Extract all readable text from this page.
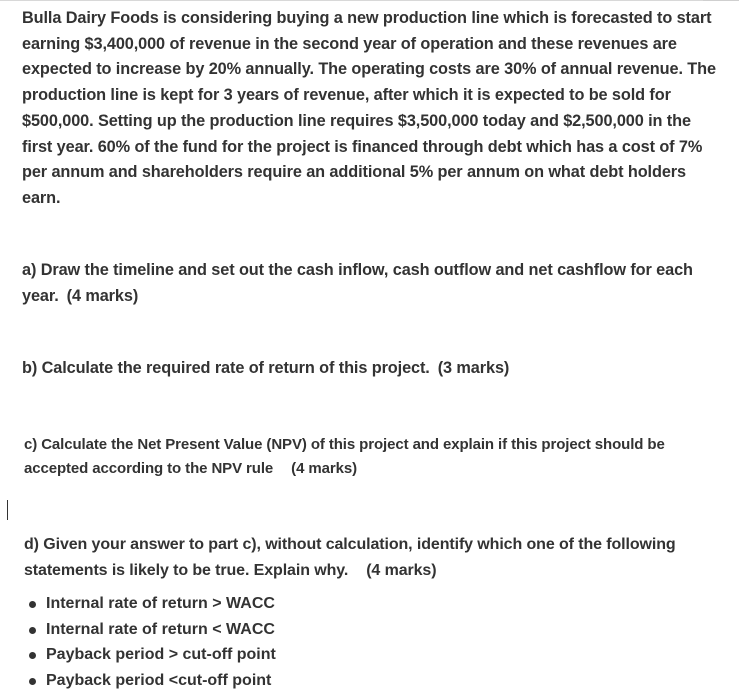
Bulla Dairy Foods is considering buying a new production line which is forecasted to start earning $3,400,000 of revenue in the second year of operation and these revenues are expected to increase by 20% annually. The operating costs are 30% of annual revenue. The production line is kept for 3 years of revenue, after which it is expected to be sold for $500,000. Setting up the production line requires $3,500,000 today and $2,500,000 in the first year. 60% of the fund for the project is financed through debt which has a cost of 7% per annum and shareholders require an additional 5% per annum on what debt holders earn.

a) Draw the timeline and set out the cash inflow, cash outflow and net cashflow for each year. (4 marks)

b) Calculate the required rate of return of this project. (3 marks)

c) Calculate the Net Present Value (NPV) of this project and explain if this project should be accepted according to the NPV rule (4 marks)

d) Given your answer to part c), without calculation, identify which one of the following statements is likely to be true. Explain why. (4 marks)

Internal rate of return > WACC
Internal rate of return < WACC
Payback period > cut-off point
Payback period <cut-off point
